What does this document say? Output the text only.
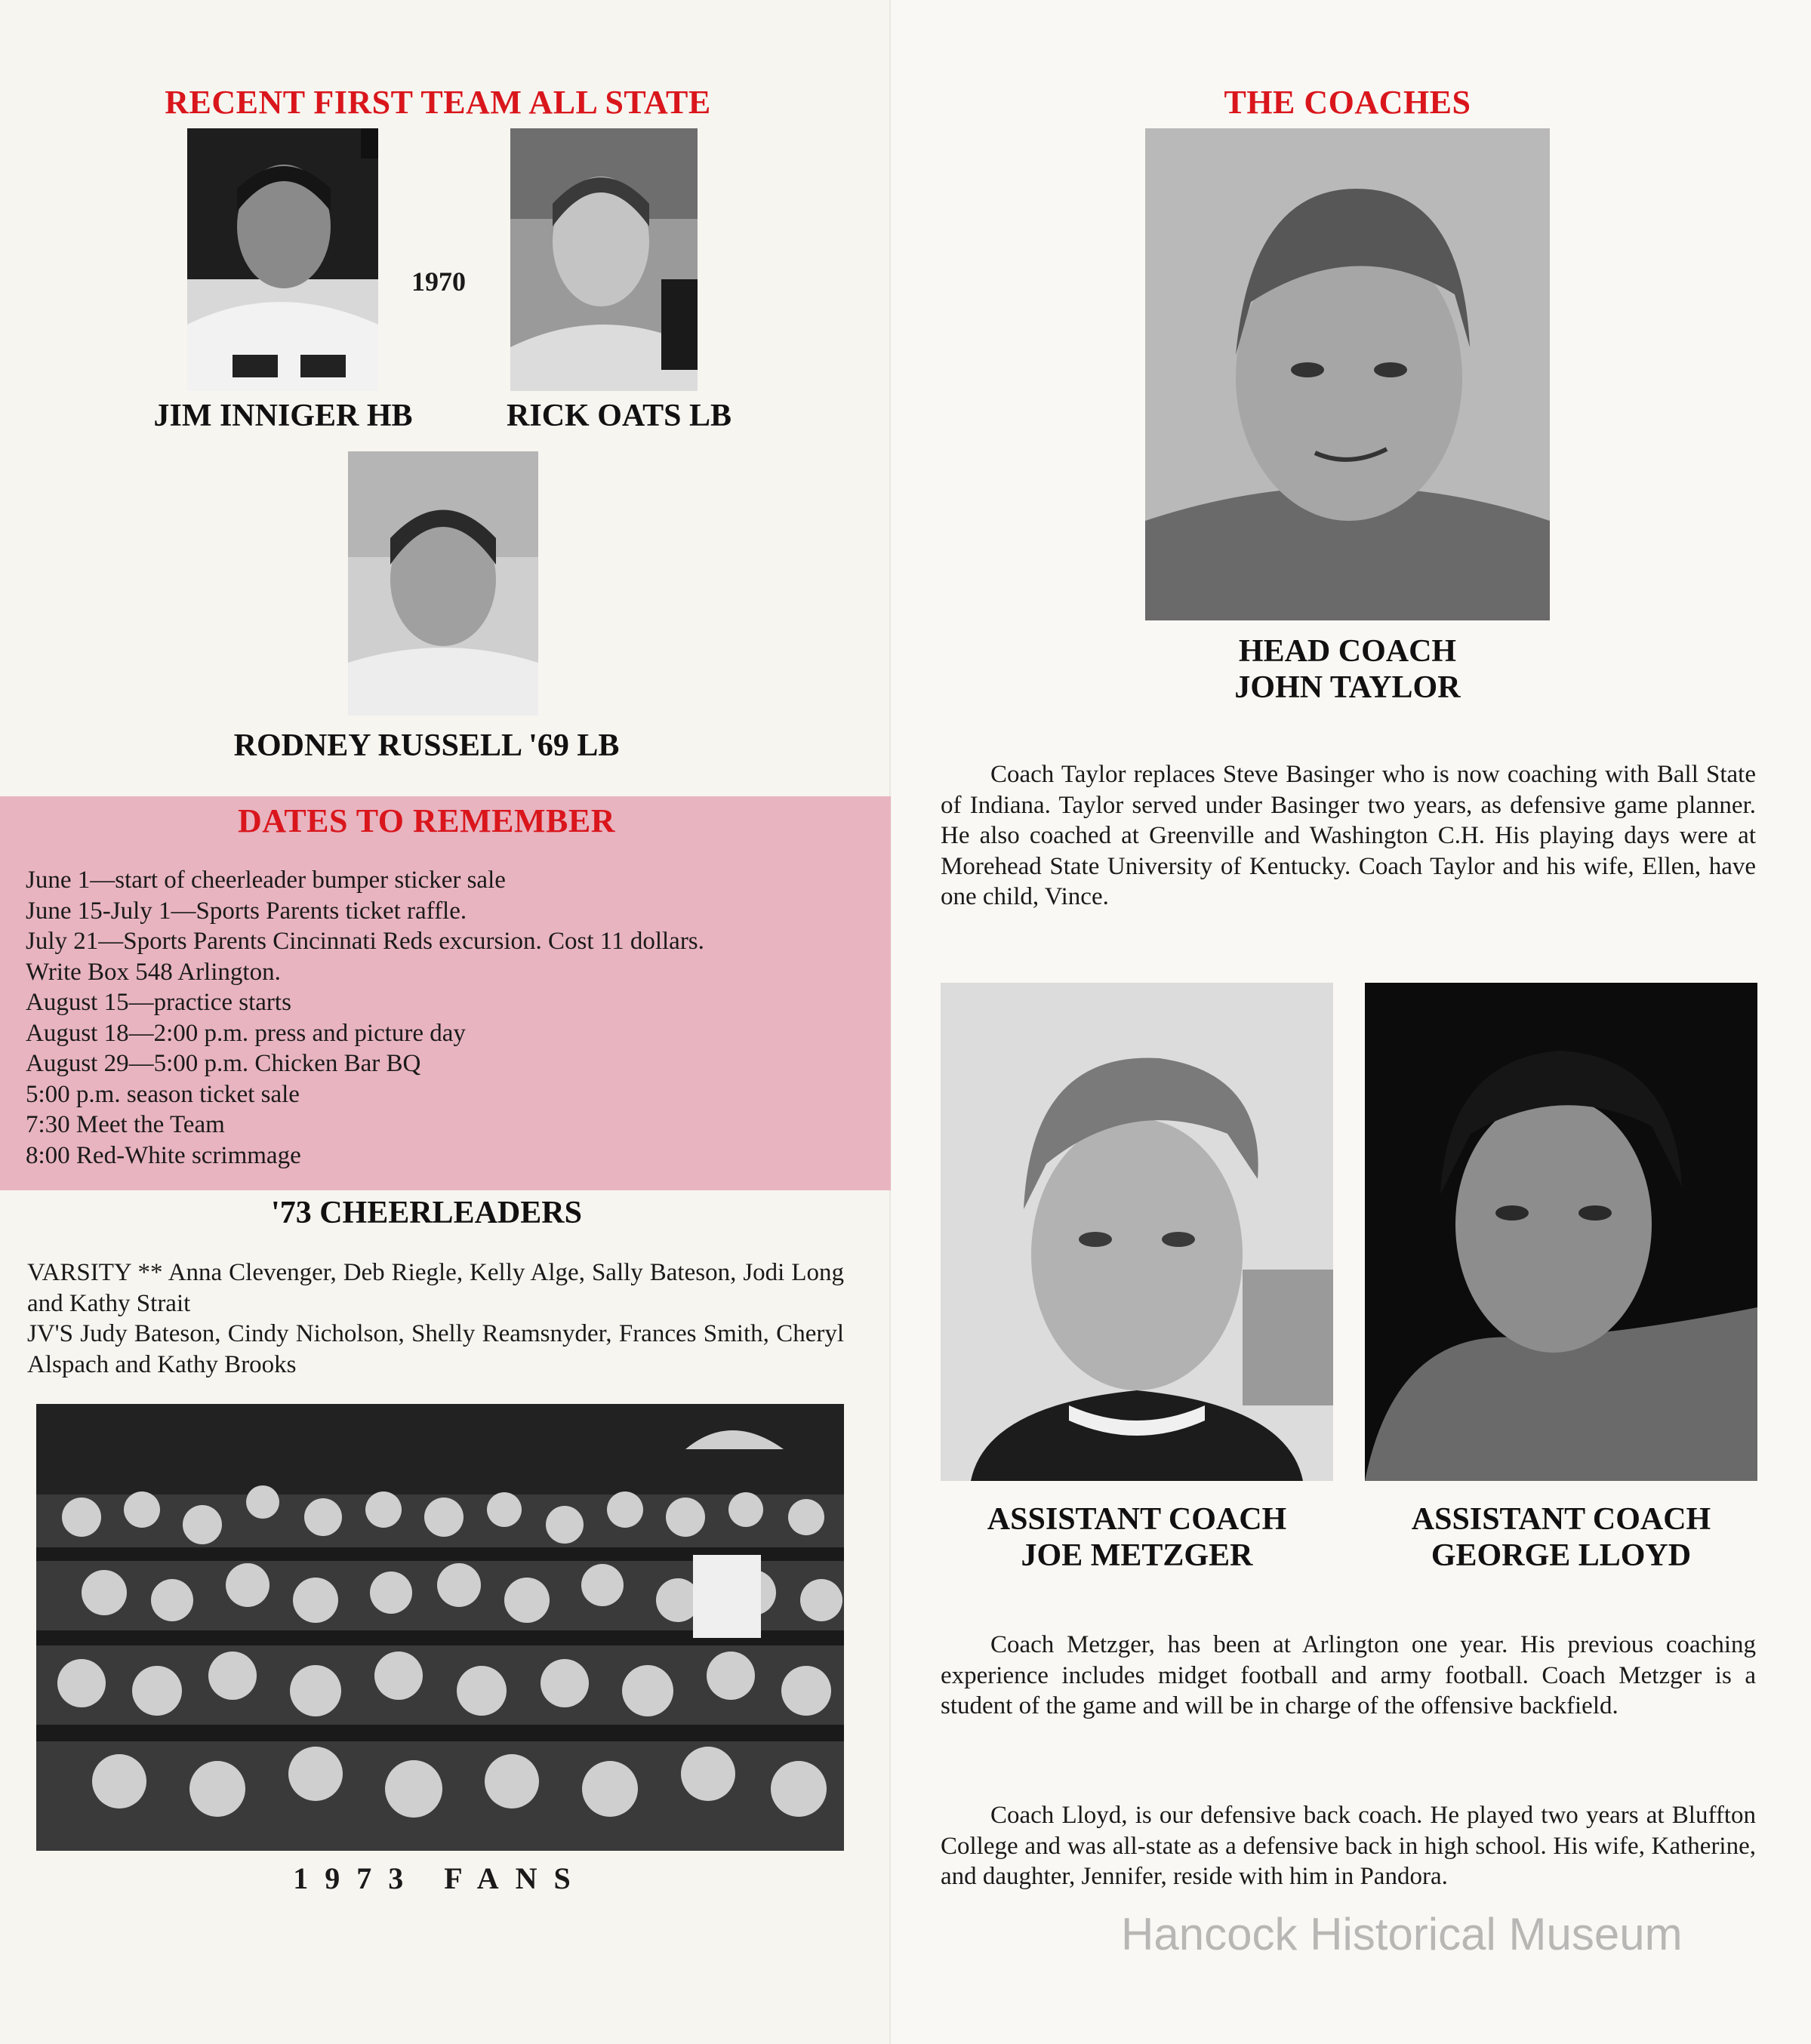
RECENT FIRST TEAM ALL STATE
1970
JIM INNIGER HB	RICK OATS LB
RODNEY RUSSELL '69 LB
DATES TO REMEMBER
June 1—start of cheerleader bumper sticker sale
June 15-July 1—Sports Parents ticket raffle.
July 21—Sports Parents Cincinnati Reds excursion. Cost 11 dollars.
Write Box 548 Arlington.
August 15—practice starts
August 18—2:00 p.m. press and picture day
August 29—5:00 p.m. Chicken Bar BQ
5:00 p.m. season ticket sale
7:30 Meet the Team
8:00 Red-White scrimmage
'73 CHEERLEADERS
VARSITY ** Anna Clevenger, Deb Riegle, Kelly Alge, Sally Bateson, Jodi Long and Kathy Strait
JV'S Judy Bateson, Cindy Nicholson, Shelly Reamsnyder, Frances Smith, Cheryl Alspach and Kathy Brooks
1973 FANS
THE COACHES
HEAD COACH
JOHN TAYLOR
Coach Taylor replaces Steve Basinger who is now coaching with Ball State of Indiana. Taylor served under Basinger two years, as defensive game planner. He also coached at Greenville and Washington C.H. His playing days were at Morehead State University of Kentucky. Coach Taylor and his wife, Ellen, have one child, Vince.
ASSISTANT COACH
JOE METZGER
ASSISTANT COACH
GEORGE LLOYD
Coach Metzger, has been at Arlington one year. His previous coaching experience includes midget football and army football. Coach Metzger is a student of the game and will be in charge of the offensive backfield.
Coach Lloyd, is our defensive back coach. He played two years at Bluffton College and was all-state as a defensive back in high school. His wife, Katherine, and daughter, Jennifer, reside with him in Pandora.
Hancock Historical Museum
